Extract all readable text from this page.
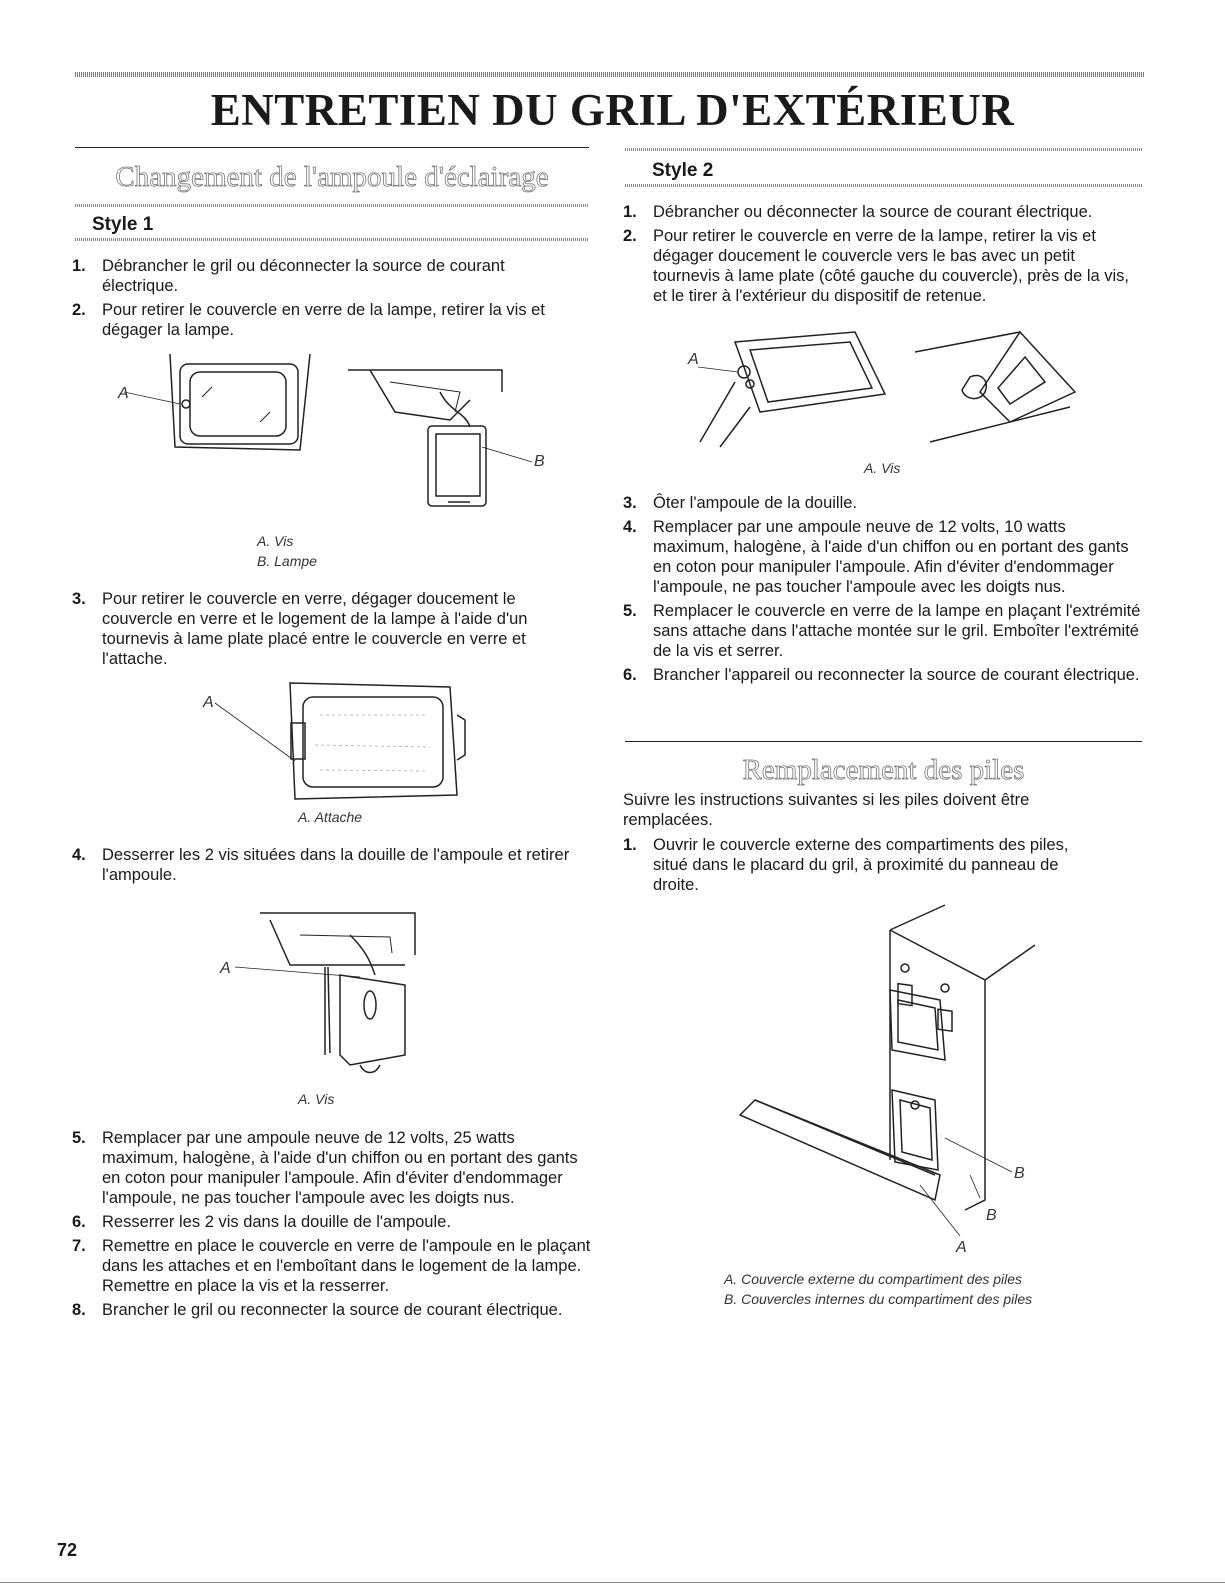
ENTRETIEN DU GRIL D'EXTÉRIEUR
Changement de l'ampoule d'éclairage
Style 1
1. Débrancher le gril ou déconnecter la source de courant électrique.
2. Pour retirer le couvercle en verre de la lampe, retirer la vis et dégager la lampe.
A
B
A. Vis
B. Lampe
3. Pour retirer le couvercle en verre, dégager doucement le couvercle en verre et le logement de la lampe à l'aide d'un tournevis à lame plate placé entre le couvercle en verre et l'attache.
A
A. Attache
4. Desserrer les 2 vis situées dans la douille de l'ampoule et retirer l'ampoule.
A
A. Vis
5. Remplacer par une ampoule neuve de 12 volts, 25 watts maximum, halogène, à l'aide d'un chiffon ou en portant des gants en coton pour manipuler l'ampoule. Afin d'éviter d'endommager l'ampoule, ne pas toucher l'ampoule avec les doigts nus.
6. Resserrer les 2 vis dans la douille de l'ampoule.
7. Remettre en place le couvercle en verre de l'ampoule en le plaçant dans les attaches et en l'emboîtant dans le logement de la lampe. Remettre en place la vis et la resserrer.
8. Brancher le gril ou reconnecter la source de courant électrique.
Style 2
1. Débrancher ou déconnecter la source de courant électrique.
2. Pour retirer le couvercle en verre de la lampe, retirer la vis et dégager doucement le couvercle vers le bas avec un petit tournevis à lame plate (côté gauche du couvercle), près de la vis, et le tirer à l'extérieur du dispositif de retenue.
A
A. Vis
3. Ôter l'ampoule de la douille.
4. Remplacer par une ampoule neuve de 12 volts, 10 watts maximum, halogène, à l'aide d'un chiffon ou en portant des gants en coton pour manipuler l'ampoule. Afin d'éviter d'endommager l'ampoule, ne pas toucher l'ampoule avec les doigts nus.
5. Remplacer le couvercle en verre de la lampe en plaçant l'extrémité sans attache dans l'attache montée sur le gril. Emboîter l'extrémité de la vis et serrer.
6. Brancher l'appareil ou reconnecter la source de courant électrique.
Remplacement des piles
Suivre les instructions suivantes si les piles doivent être remplacées.
1. Ouvrir le couvercle externe des compartiments des piles, situé dans le placard du gril, à proximité du panneau de droite.
B
B
A
A. Couvercle externe du compartiment des piles
B. Couvercles internes du compartiment des piles
72
